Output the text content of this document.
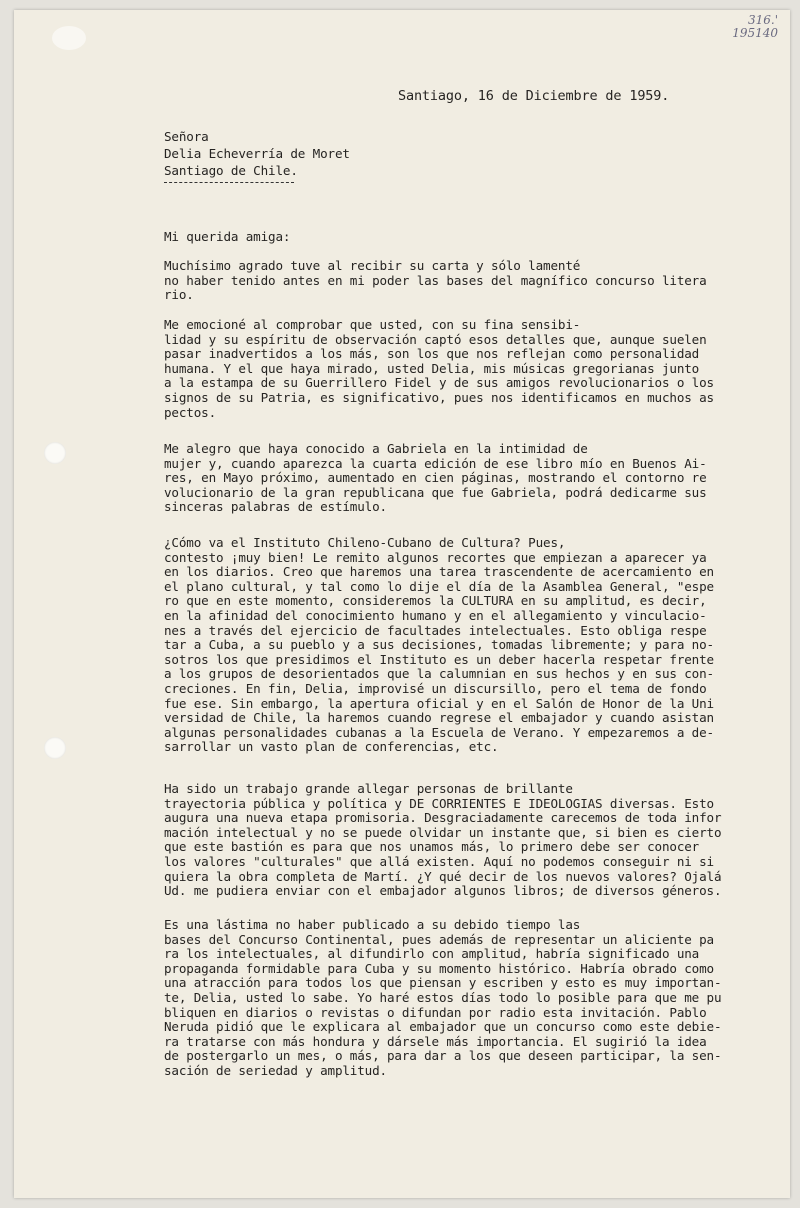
316.'
195140
Santiago, 16 de Diciembre de 1959.
Señora
Delia Echeverría de Moret
Santiago de Chile.
Mi querida amiga:
Muchísimo agrado tuve al recibir su carta y sólo lamenté
no haber tenido antes en mi poder las bases del magnífico concurso litera
rio.
Me emocioné al comprobar que usted, con su fina sensibi-
lidad y su espíritu de observación captó esos detalles que, aunque suelen
pasar inadvertidos a los más, son los que nos reflejan como personalidad
humana. Y el que haya mirado, usted Delia, mis músicas gregorianas junto
a la estampa de su Guerrillero Fidel y de sus amigos revolucionarios o los
signos de su Patria, es significativo, pues nos identificamos en muchos as
pectos.
Me alegro que haya conocido a Gabriela en la intimidad de
mujer y, cuando aparezca la cuarta edición de ese libro mío en Buenos Ai-
res, en Mayo próximo, aumentado en cien páginas, mostrando el contorno re
volucionario de la gran republicana que fue Gabriela, podrá dedicarme sus
sinceras palabras de estímulo.
¿Cómo va el Instituto Chileno-Cubano de Cultura? Pues,
contesto ¡muy bien! Le remito algunos recortes que empiezan a aparecer ya
en los diarios. Creo que haremos una tarea trascendente de acercamiento en
el plano cultural, y tal como lo dije el día de la Asamblea General, "espe
ro que en este momento, consideremos la CULTURA en su amplitud, es decir,
en la afinidad del conocimiento humano y en el allegamiento y vinculacio-
nes a través del ejercicio de facultades intelectuales. Esto obliga respe
tar a Cuba, a su pueblo y a sus decisiones, tomadas libremente; y para no-
sotros los que presidimos el Instituto es un deber hacerla respetar frente
a los grupos de desorientados que la calumnian en sus hechos y en sus con-
creciones. En fin, Delia, improvisé un discursillo, pero el tema de fondo
fue ese. Sin embargo, la apertura oficial y en el Salón de Honor de la Uni
versidad de Chile, la haremos cuando regrese el embajador y cuando asistan
algunas personalidades cubanas a la Escuela de Verano. Y empezaremos a de-
sarrollar un vasto plan de conferencias, etc.
Ha sido un trabajo grande allegar personas de brillante
trayectoria pública y política y DE CORRIENTES E IDEOLOGIAS diversas. Esto
augura una nueva etapa promisoria. Desgraciadamente carecemos de toda infor
mación intelectual y no se puede olvidar un instante que, si bien es cierto
que este bastión es para que nos unamos más, lo primero debe ser conocer
los valores "culturales" que allá existen. Aquí no podemos conseguir ni si
quiera la obra completa de Martí. ¿Y qué decir de los nuevos valores? Ojalá
Ud. me pudiera enviar con el embajador algunos libros; de diversos géneros.
Es una lástima no haber publicado a su debido tiempo las
bases del Concurso Continental, pues además de representar un aliciente pa
ra los intelectuales, al difundirlo con amplitud, habría significado una
propaganda formidable para Cuba y su momento histórico. Habría obrado como
una atracción para todos los que piensan y escriben y esto es muy importan-
te, Delia, usted lo sabe. Yo haré estos días todo lo posible para que me pu
bliquen en diarios o revistas o difundan por radio esta invitación. Pablo
Neruda pidió que le explicara al embajador que un concurso como este debie-
ra tratarse con más hondura y dársele más importancia. El sugirió la idea
de postergarlo un mes, o más, para dar a los que deseen participar, la sen-
sación de seriedad y amplitud.
